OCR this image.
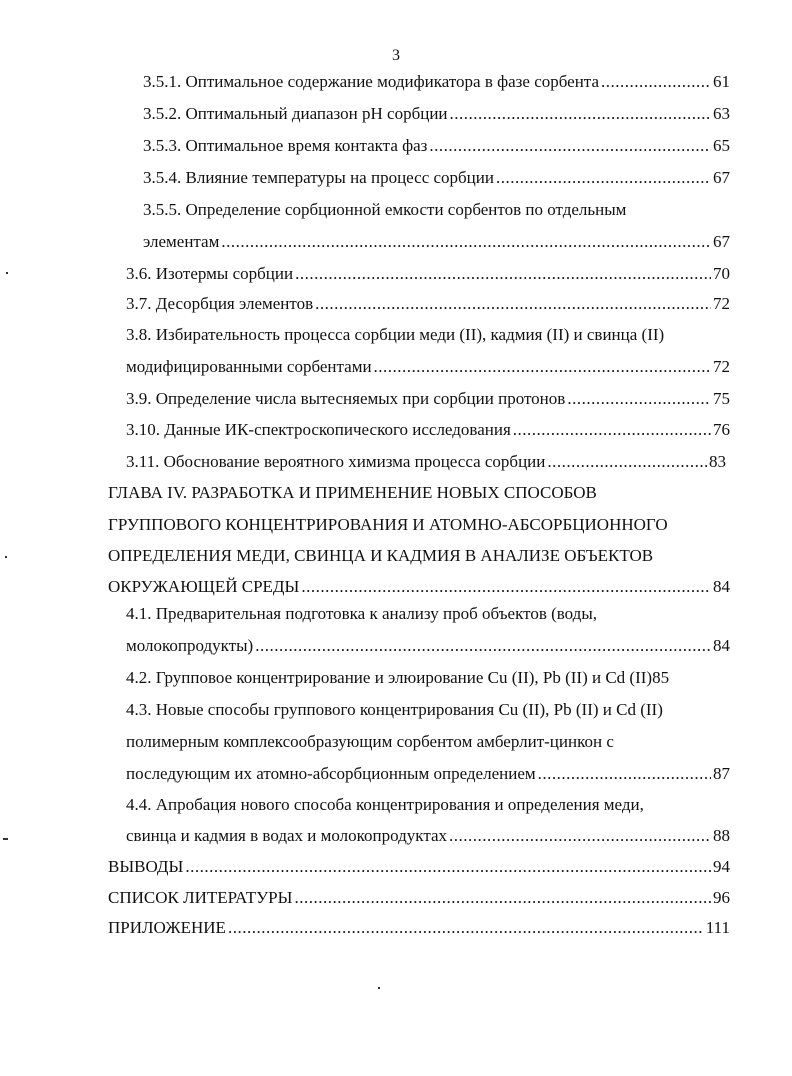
3
3.5.1. Оптимальное содержание модификатора в фазе сорбента .....	61
3.5.2. Оптимальный диапазон pH сорбции .....	63
3.5.3. Оптимальное время контакта фаз .....	65
3.5.4. Влияние температуры на процесс сорбции .....	67
3.5.5. Определение сорбционной емкости сорбентов по отдельным
элементам .....	67
3.6. Изотермы сорбции .....	70
3.7. Десорбция элементов .....	72
3.8. Избирательность процесса сорбции меди (II), кадмия (II) и свинца (II)
модифицированными сорбентами .....	72
3.9. Определение числа вытесняемых при сорбции протонов .....	75
3.10. Данные ИК-спектроскопического исследования .....	76
3.11. Обоснование вероятного химизма процесса сорбции .....	83
ГЛАВА IV. РАЗРАБОТКА И ПРИМЕНЕНИЕ НОВЫХ СПОСОБОВ
ГРУППОВОГО КОНЦЕНТРИРОВАНИЯ И АТОМНО-АБСОРБЦИОННОГО
ОПРЕДЕЛЕНИЯ МЕДИ, СВИНЦА И КАДМИЯ В АНАЛИЗЕ ОБЪЕКТОВ
ОКРУЖАЮЩЕЙ СРЕДЫ .....	84
4.1. Предварительная подготовка к анализу проб объектов (воды,
молокопродукты) .....	84
4.2. Групповое концентрирование и элюирование Cu (II), Pb (II) и Cd (II)85
4.3. Новые способы группового концентрирования Cu (II), Pb (II) и Cd (II)
полимерным комплексообразующим сорбентом амберлит-цинкон с
последующим их атомно-абсорбционным определением .....	87
4.4. Апробация нового способа концентрирования и определения меди,
свинца и кадмия в водах и молокопродуктах .....	88
ВЫВОДЫ .....	94
СПИСОК ЛИТЕРАТУРЫ .....	96
ПРИЛОЖЕНИЕ .....	111
